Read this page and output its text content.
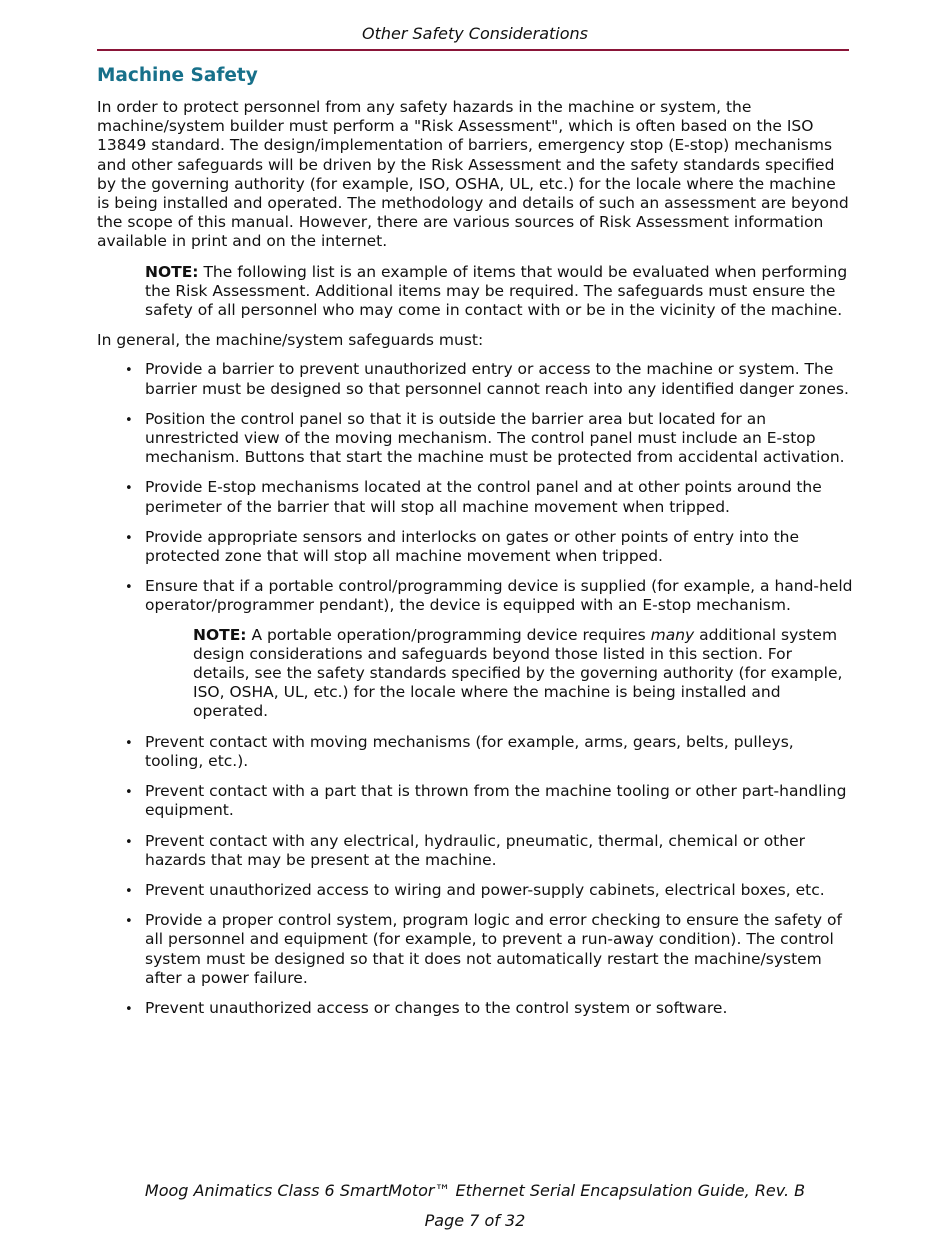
Other Safety Considerations
Machine Safety

In order to protect personnel from any safety hazards in the machine or system, the machine/system builder must perform a "Risk Assessment", which is often based on the ISO 13849 standard. The design/implementation of barriers, emergency stop (E-stop) mechanisms and other safeguards will be driven by the Risk Assessment and the safety standards specified by the governing authority (for example, ISO, OSHA, UL, etc.) for the locale where the machine is being installed and operated. The methodology and details of such an assessment are beyond the scope of this manual. However, there are various sources of Risk Assessment information available in print and on the internet.

NOTE: The following list is an example of items that would be evaluated when performing the Risk Assessment. Additional items may be required. The safeguards must ensure the safety of all personnel who may come in contact with or be in the vicinity of the machine.

In general, the machine/system safeguards must:

• Provide a barrier to prevent unauthorized entry or access to the machine or system. The barrier must be designed so that personnel cannot reach into any identified danger zones.
• Position the control panel so that it is outside the barrier area but located for an unrestricted view of the moving mechanism. The control panel must include an E-stop mechanism. Buttons that start the machine must be protected from accidental activation.
• Provide E-stop mechanisms located at the control panel and at other points around the perimeter of the barrier that will stop all machine movement when tripped.
• Provide appropriate sensors and interlocks on gates or other points of entry into the protected zone that will stop all machine movement when tripped.
• Ensure that if a portable control/programming device is supplied (for example, a hand-held operator/programmer pendant), the device is equipped with an E-stop mechanism.

NOTE: A portable operation/programming device requires many additional system design considerations and safeguards beyond those listed in this section. For details, see the safety standards specified by the governing authority (for example, ISO, OSHA, UL, etc.) for the locale where the machine is being installed and operated.

• Prevent contact with moving mechanisms (for example, arms, gears, belts, pulleys, tooling, etc.).
• Prevent contact with a part that is thrown from the machine tooling or other part-handling equipment.
• Prevent contact with any electrical, hydraulic, pneumatic, thermal, chemical or other hazards that may be present at the machine.
• Prevent unauthorized access to wiring and power-supply cabinets, electrical boxes, etc.
• Provide a proper control system, program logic and error checking to ensure the safety of all personnel and equipment (for example, to prevent a run-away condition). The control system must be designed so that it does not automatically restart the machine/system after a power failure.
• Prevent unauthorized access or changes to the control system or software.
Moog Animatics Class 6 SmartMotor™ Ethernet Serial Encapsulation Guide, Rev. B
Page 7 of 32
